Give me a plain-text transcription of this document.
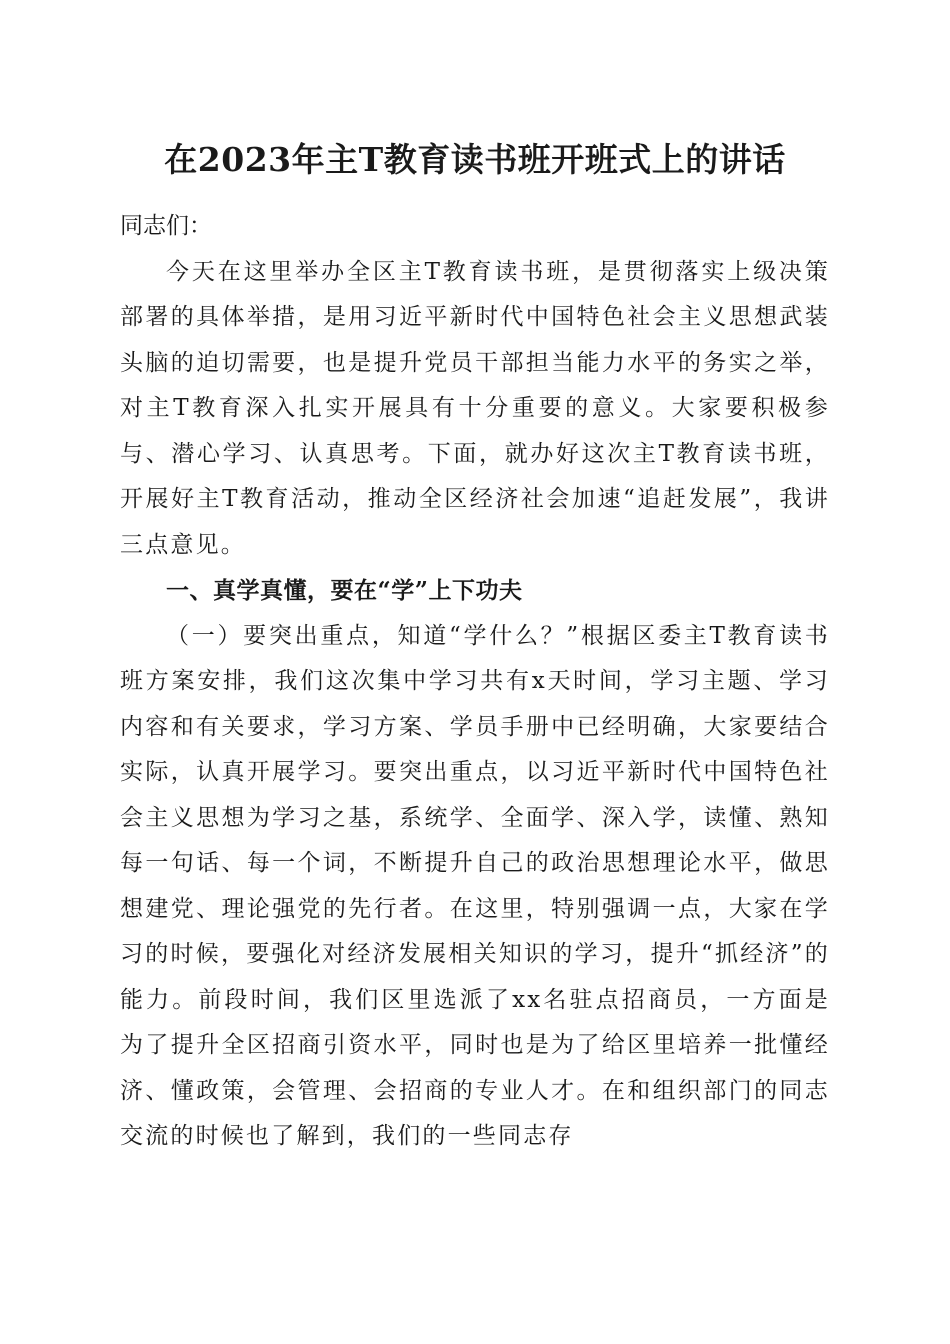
在2023年主T教育读书班开班式上的讲话

同志们：

今天在这里举办全区主T教育读书班，是贯彻落实上级决策部署的具体举措，是用习近平新时代中国特色社会主义思想武装头脑的迫切需要，也是提升党员干部担当能力水平的务实之举，对主T教育深入扎实开展具有十分重要的意义。大家要积极参与、潜心学习、认真思考。下面，就办好这次主T教育读书班，开展好主T教育活动，推动全区经济社会加速“追赶发展”，我讲三点意见。

一、真学真懂，要在“学”上下功夫

（一）要突出重点，知道“学什么？”根据区委主T教育读书班方案安排，我们这次集中学习共有x天时间，学习主题、学习内容和有关要求，学习方案、学员手册中已经明确，大家要结合实际，认真开展学习。要突出重点，以习近平新时代中国特色社会主义思想为学习之基，系统学、全面学、深入学，读懂、熟知每一句话、每一个词，不断提升自己的政治思想理论水平，做思想建党、理论强党的先行者。在这里，特别强调一点，大家在学习的时候，要强化对经济发展相关知识的学习，提升“抓经济”的能力。前段时间，我们区里选派了xx名驻点招商员，一方面是为了提升全区招商引资水平，同时也是为了给区里培养一批懂经济、懂政策，会管理、会招商的专业人才。在和组织部门的同志交流的时候也了解到，我们的一些同志存
